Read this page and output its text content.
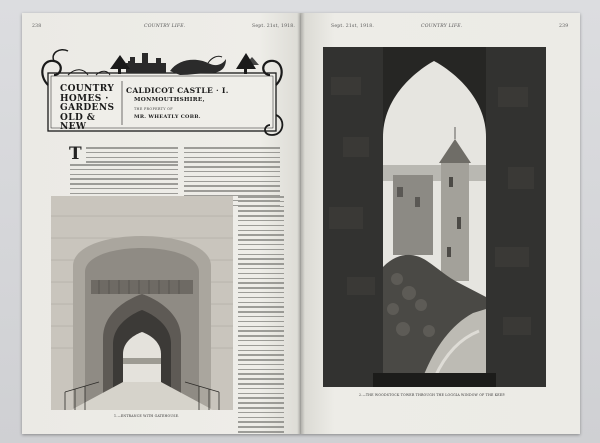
238	COUNTRY LIFE.	Sept. 21st, 1918.
COUNTRY HOMES · GARDENS OLD & NEW
CALDICOT CASTLE · I.
MONMOUTHSHIRE,
THE PROPERTY OF
MR. WHEATLY COBB.
T
1.—ENTRANCE WITH GATEHOUSE.
Sept. 21st, 1918.	COUNTRY LIFE.	239
2.—THE WOODSTOCK TOWER THROUGH THE LOGGIA WINDOW OF THE KEEP.
